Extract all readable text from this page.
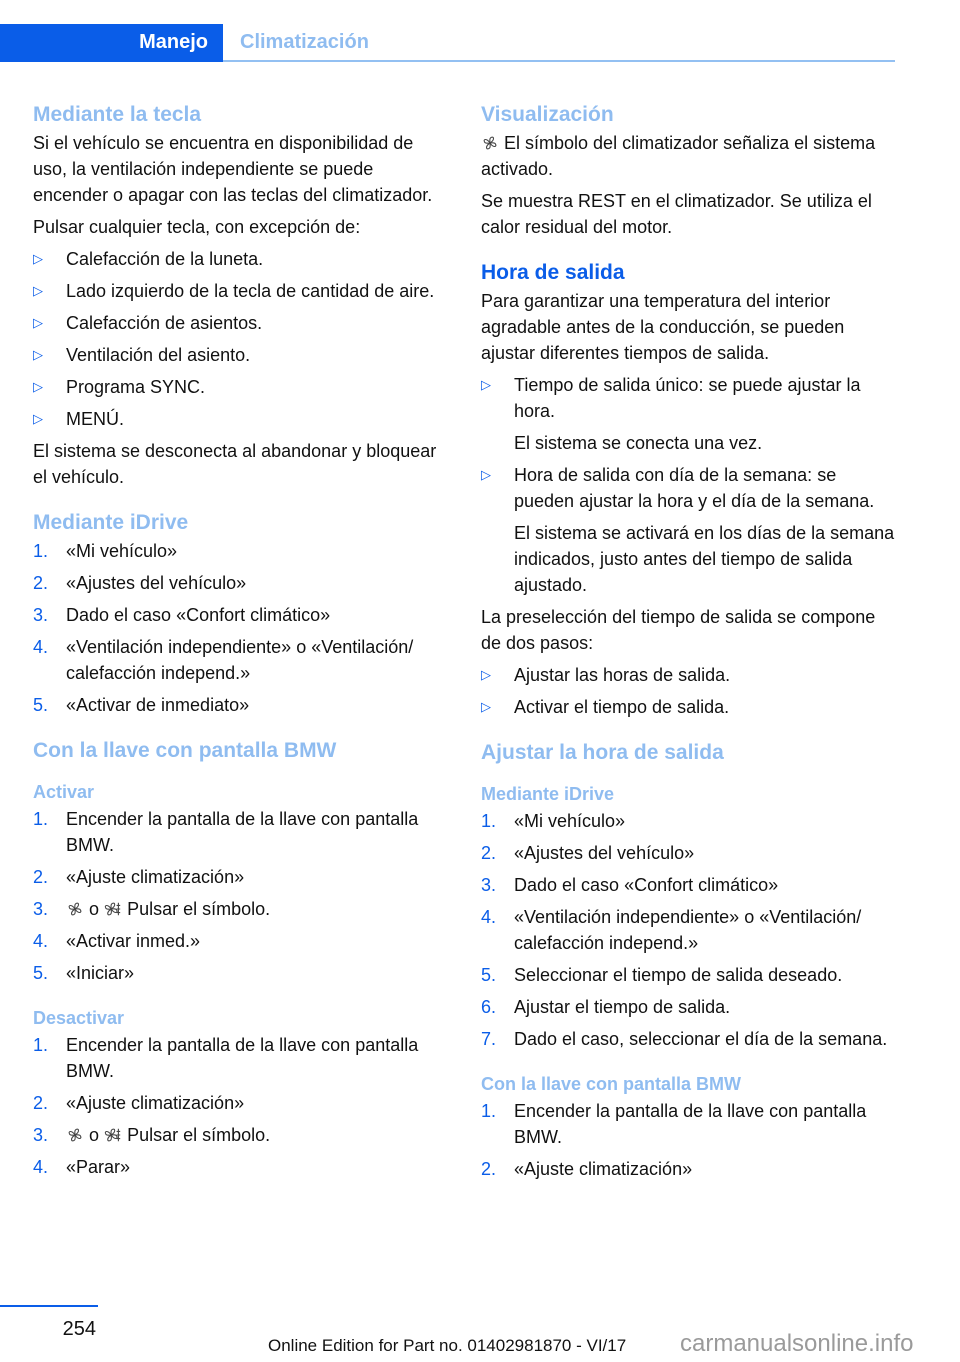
Manejo Climatización
Mediante la tecla

Si el vehículo se encuentra en disponibilidad de uso, la ventilación independiente se puede encender o apagar con las teclas del climatizador.

Pulsar cualquier tecla, con excepción de:

▷ Calefacción de la luneta.
▷ Lado izquierdo de la tecla de cantidad de aire.
▷ Calefacción de asientos.
▷ Ventilación del asiento.
▷ Programa SYNC.
▷ MENÚ.

El sistema se desconecta al abandonar y bloquear el vehículo.

Mediante iDrive
1. «Mi vehículo»
2. «Ajustes del vehículo»
3. Dado el caso «Confort climático»
4. «Ventilación independiente» o «Ventilación/ calefacción independ.»
5. «Activar de inmediato»
Con la llave con pantalla BMW
Activar
1. Encender la pantalla de la llave con pantalla BMW.
2. «Ajuste climatización»
3. o Pulsar el símbolo.
4. «Activar inmed.»
5. «Iniciar»
Desactivar
1. Encender la pantalla de la llave con pantalla BMW.
2. «Ajuste climatización»
3. o Pulsar el símbolo.
4. «Parar»
Visualización

El símbolo del climatizador señaliza el sistema activado.

Se muestra REST en el climatizador. Se utiliza el calor residual del motor.

Hora de salida

Para garantizar una temperatura del interior agradable antes de la conducción, se pueden ajustar diferentes tiempos de salida.

▷ Tiempo de salida único: se puede ajustar la hora.
El sistema se conecta una vez.
▷ Hora de salida con día de la semana: se pueden ajustar la hora y el día de la semana.
El sistema se activará en los días de la semana indicados, justo antes del tiempo de salida ajustado.

La preselección del tiempo de salida se compone de dos pasos:

▷ Ajustar las horas de salida.
▷ Activar el tiempo de salida.
Ajustar la hora de salida
Mediante iDrive
1. «Mi vehículo»
2. «Ajustes del vehículo»
3. Dado el caso «Confort climático»
4. «Ventilación independiente» o «Ventilación/ calefacción independ.»
5. Seleccionar el tiempo de salida deseado.
6. Ajustar el tiempo de salida.
7. Dado el caso, seleccionar el día de la semana.
Con la llave con pantalla BMW
1. Encender la pantalla de la llave con pantalla BMW.
2. «Ajuste climatización»
254
Online Edition for Part no. 01402981870 - VI/17 carmanualsonline.info
